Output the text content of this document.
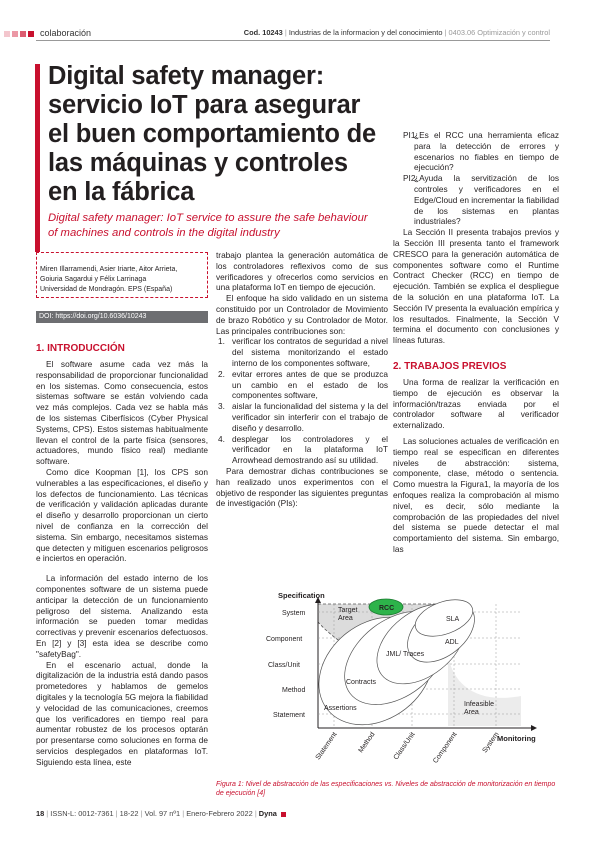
colaboración	Cod. 10243 | Industrias de la informacion y del conocimiento | 0403.06 Optimización y control
Digital safety manager: servicio IoT para asegurar el buen comportamiento de las máquinas y controles en la fábrica
Digital safety manager: IoT service to assure the safe behaviour of machines and controls in the digital industry
Miren Illarramendi, Asier Iriarte, Aitor Arrieta,
Goiuria Sagardui y Félix Larrinaga
Universidad de Mondragón. EPS (España)
DOI: https://doi.org/10.6036/10243
1. INTRODUCCIÓN

El software asume cada vez más la responsabilidad de proporcionar funcionalidad en los sistemas. Como consecuencia, estos sistemas software se están volviendo cada vez más complejos. Cada vez se habla más de los sistemas Ciberfísicos (Cyber Physical Systems, CPS). Estos sistemas habitualmente llevan el control de la parte física (sensores, actuadores, mundo físico real) mediante software.

Como dice Koopman [1], los CPS son vulnerables a las especificaciones, el diseño y los defectos de funcionamiento. Las técnicas de verificación y validación aplicadas durante el diseño y desarrollo proporcionan un cierto nivel de confianza en la corrección del sistema. Sin embargo, necesitamos sistemas que detecten y mitiguen escenarios peligrosos e inciertos en operación.

La información del estado interno de los componentes software de un sistema puede anticipar la detección de un funcionamiento peligroso del sistema. Analizando esta información se pueden tomar medidas correctivas y prevenir escenarios defectuosos. En [2] y [3] esta idea se describe como "safetyBag".

En el escenario actual, donde la digitalización de la industria está dando pasos prometedores y hablamos de gemelos digitales y la tecnología 5G mejora la fiabilidad y velocidad de las comunicaciones, creemos que los verificadores en tiempo real para aumentar robustez de los procesos optarán por presentarse como soluciones en forma de servicios desplegados en plataformas IoT. Siguiendo esta línea, este

trabajo plantea la generación automática de los controladores reflexivos como de sus verificadores y ofrecerlos como servicios en una plataforma IoT en tiempo de ejecución.

El enfoque ha sido validado en un sistema constituido por un Controlador de Movimiento de brazo Robótico y su Controlador de Motor. Las principales contribuciones son:

1. verificar los contratos de seguridad a nivel del sistema monitorizando el estado interno de los componentes software,
2. evitar errores antes de que se produzca un cambio en el estado de los componentes software,
3. aislar la funcionalidad del sistema y la del verificador sin interferir con el trabajo de diseño y desarrollo.
4. desplegar los controladores y el verificador en la plataforma IoT Arrowhead demostrando así su utilidad.

Para demostrar dichas contribuciones se han realizado unos experimentos con el objetivo de responder las siguientes preguntas de investigación (PIs):

PI1:
¿Es el RCC una herramienta eficaz para la detección de errores y escenarios no fiables en tiempo de ejecución?
PI2:
¿Ayuda la servitización de los controles y verificadores en el Edge/Cloud en incrementar la fiabilidad de los sistemas en plantas industriales?

La Sección II presenta trabajos previos y la Sección III presenta tanto el framework CRESCO para la generación automática de componentes software como el Runtime Contract Checker (RCC) en tiempo de ejecución. También se explica el despliegue de la solución en una plataforma IoT. La Sección IV presenta la evaluación empírica y los resultados. Finalmente, la Sección V termina el documento con conclusiones y líneas futuras.

2. TRABAJOS PREVIOS

Una forma de realizar la verificación en tiempo de ejecución es observar la información/trazas enviada por el controlador software al verificador externalizado.

Las soluciones actuales de verificación en tiempo real se especifican en diferentes niveles de abstracción: sistema, componente, clase, método o sentencia. Como muestra la Figura1, la mayoría de los enfoques realiza la comprobación al mismo nivel, es decir, sólo mediante la comprobación de las propiedades del nivel del sistema se puede detectar el mal comportamiento del sistema. Sin embargo, las

Specification
Monitoring
System
Component
Class/Unit
Method
Statement
Statement	Method Class/Unit Component	System
RCC
Target Area	SLA
ADL
JML/ Traces
Contracts
Assertions
Infeasible Area
Figura 1: Nivel de abstracción de las especificaciones vs. Niveles de abstracción de monitorización en tiempo de ejecución [4]
18 | ISSN-L: 0012-7361 | 18-22 | Vol. 97 nº1 | Enero-Febrero 2022 | Dyna
